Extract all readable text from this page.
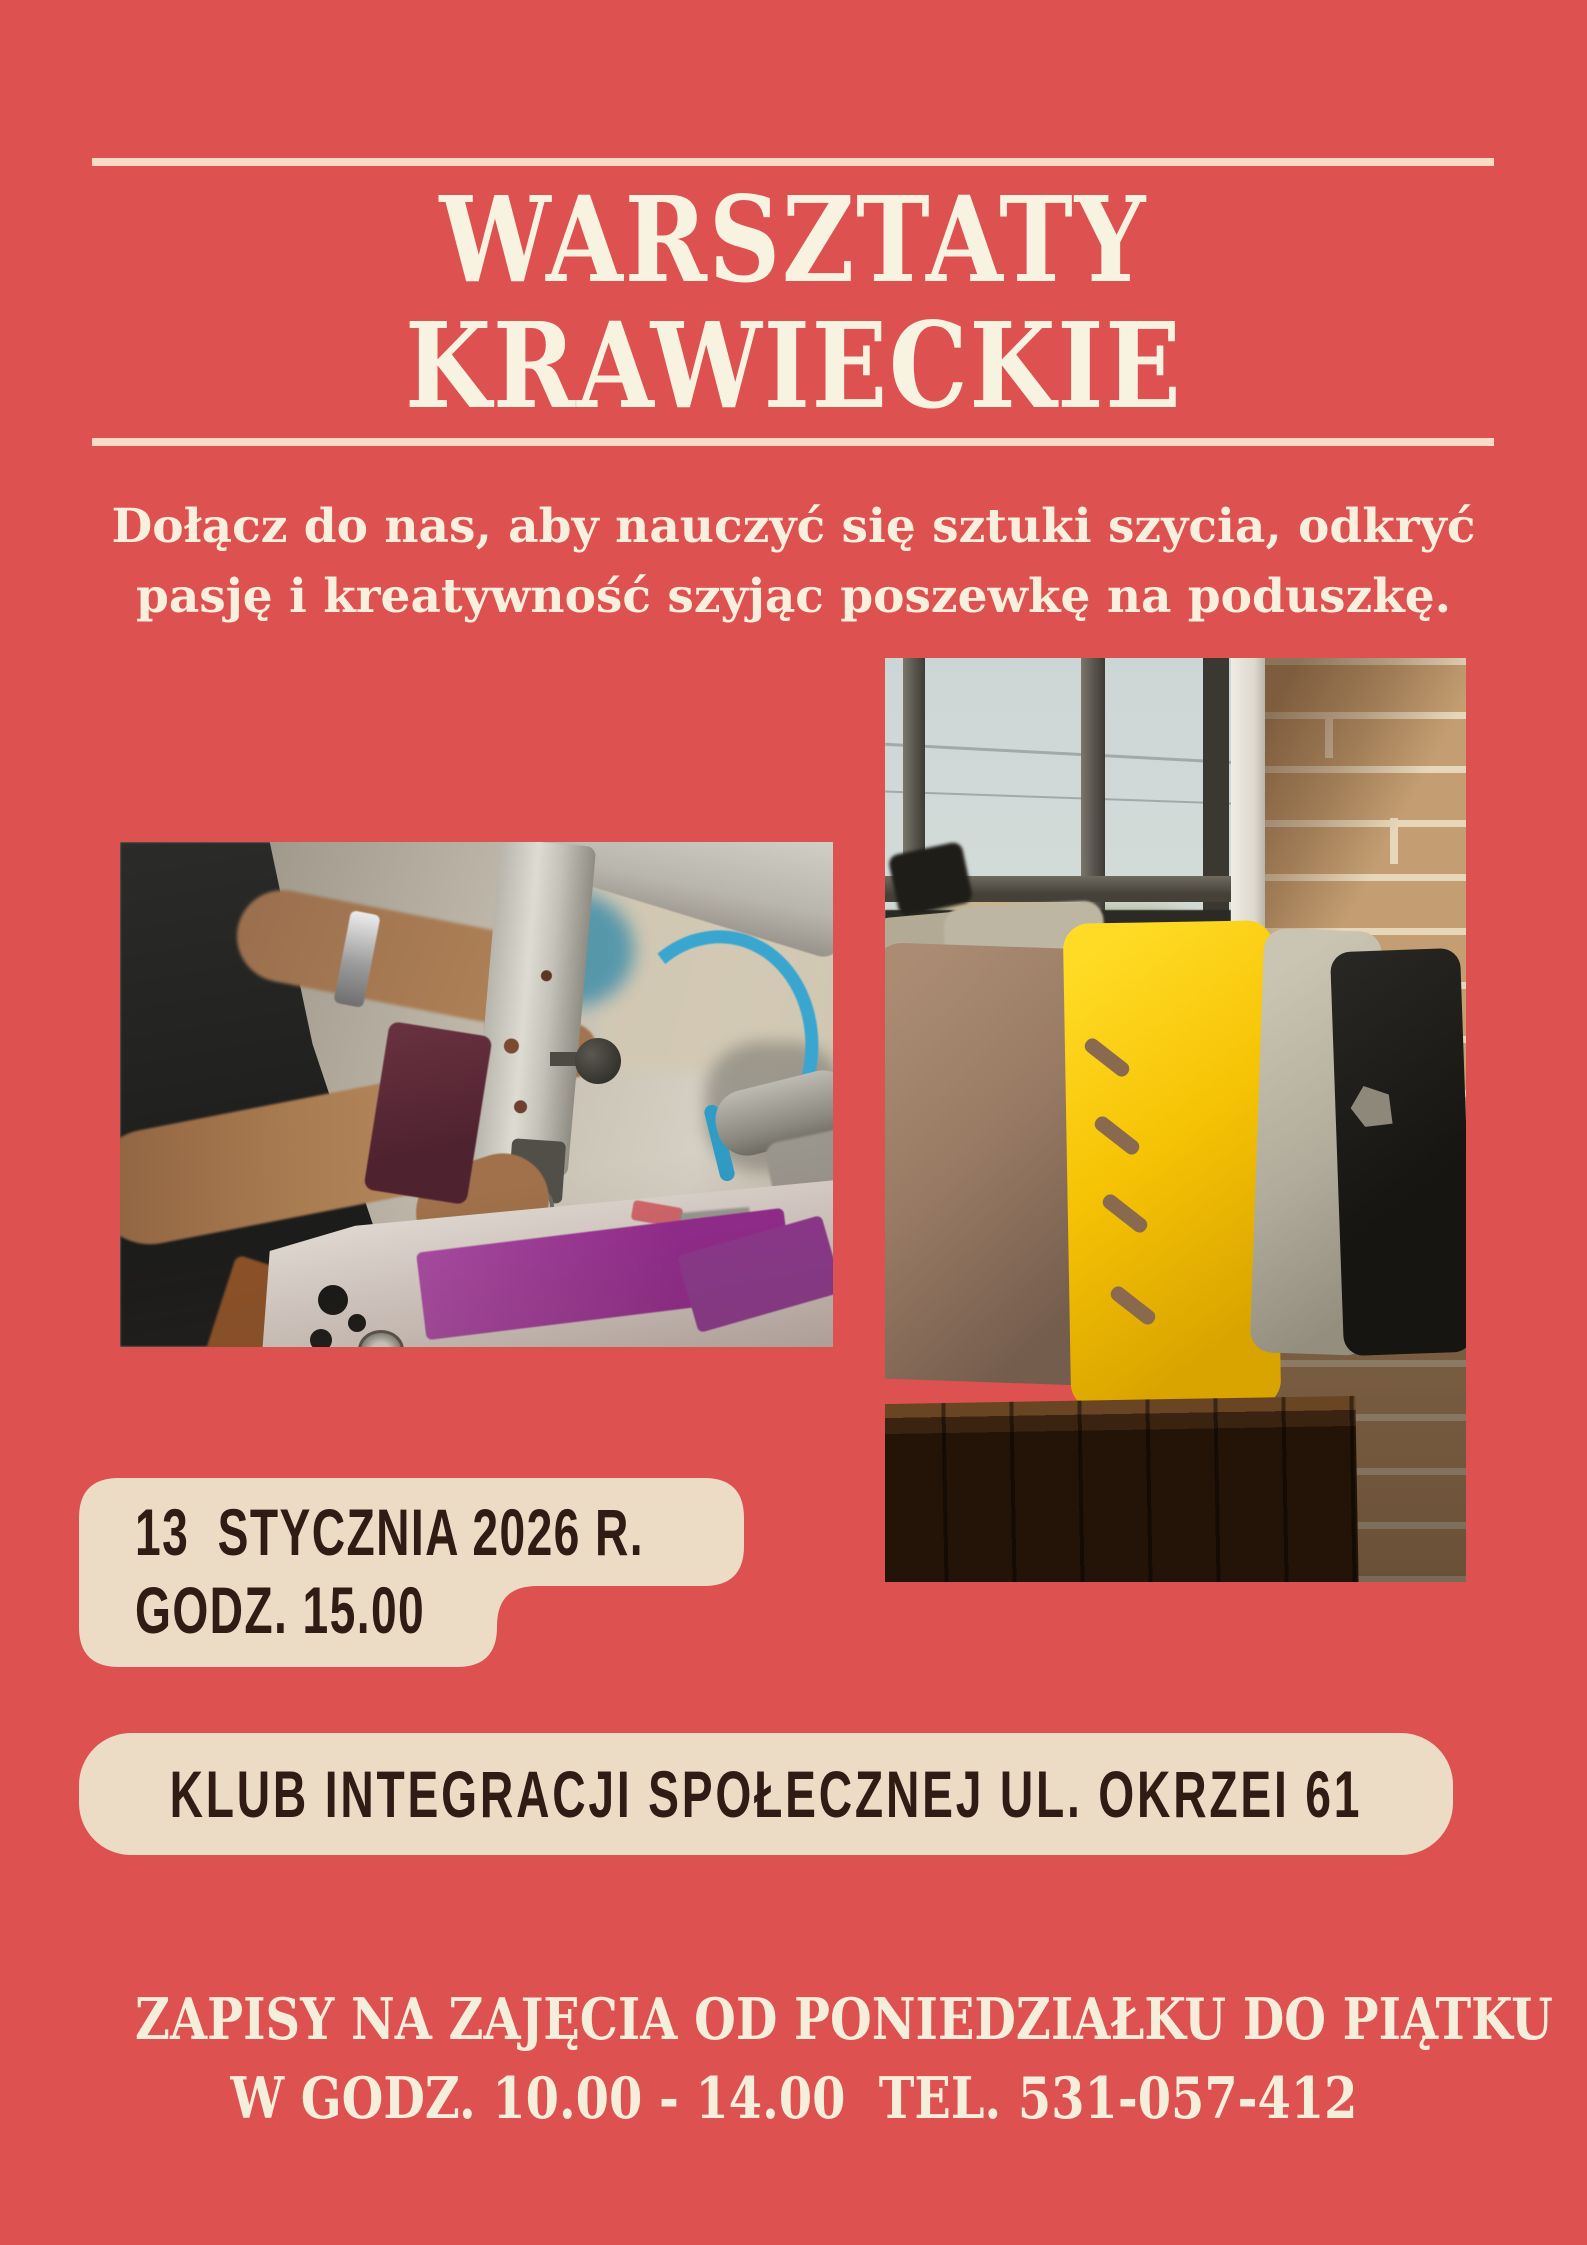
WARSZTATY
KRAWIECKIE
Dołącz do nas, aby nauczyć się sztuki szycia, odkryć
pasję i kreatywność szyjąc poszewkę na poduszkę.
13  STYCZNIA 2026 R.
GODZ. 15.00
KLUB INTEGRACJI SPOŁECZNEJ UL. OKRZEI 61
ZAPISY NA ZAJĘCIA OD PONIEDZIAŁKU DO PIĄTKU
W GODZ. 10.00 - 14.00  TEL. 531-057-412
